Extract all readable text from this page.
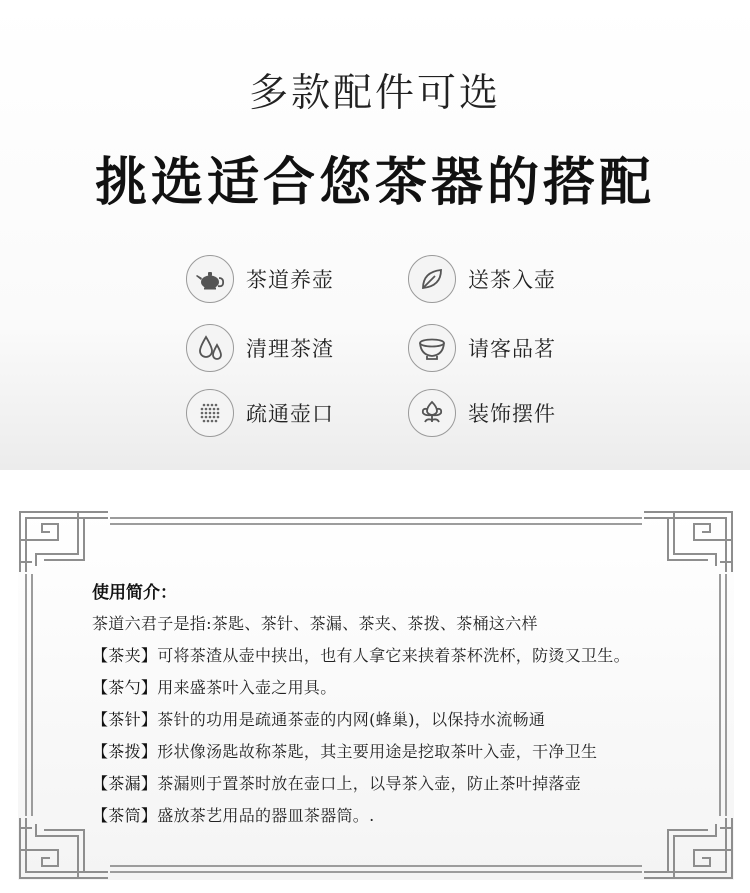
多款配件可选
挑选适合您茶器的搭配
茶道养壶	送茶入壶
清理茶渣	请客品茗
疏通壶口	装饰摆件
使用简介：
茶道六君子是指:茶匙、茶针、茶漏、茶夹、茶拨、茶桶这六样
【茶夹】可将茶渣从壶中挟出，也有人拿它来挟着茶杯洗杯，防烫又卫生。
【茶勺】用来盛茶叶入壶之用具。
【茶针】茶针的功用是疏通茶壶的内网(蜂巢)，以保持水流畅通
【茶拨】形状像汤匙故称茶匙，其主要用途是挖取茶叶入壶，干净卫生
【茶漏】茶漏则于置茶时放在壶口上，以导茶入壶，防止茶叶掉落壶
【茶筒】盛放茶艺用品的器皿茶器筒。.
